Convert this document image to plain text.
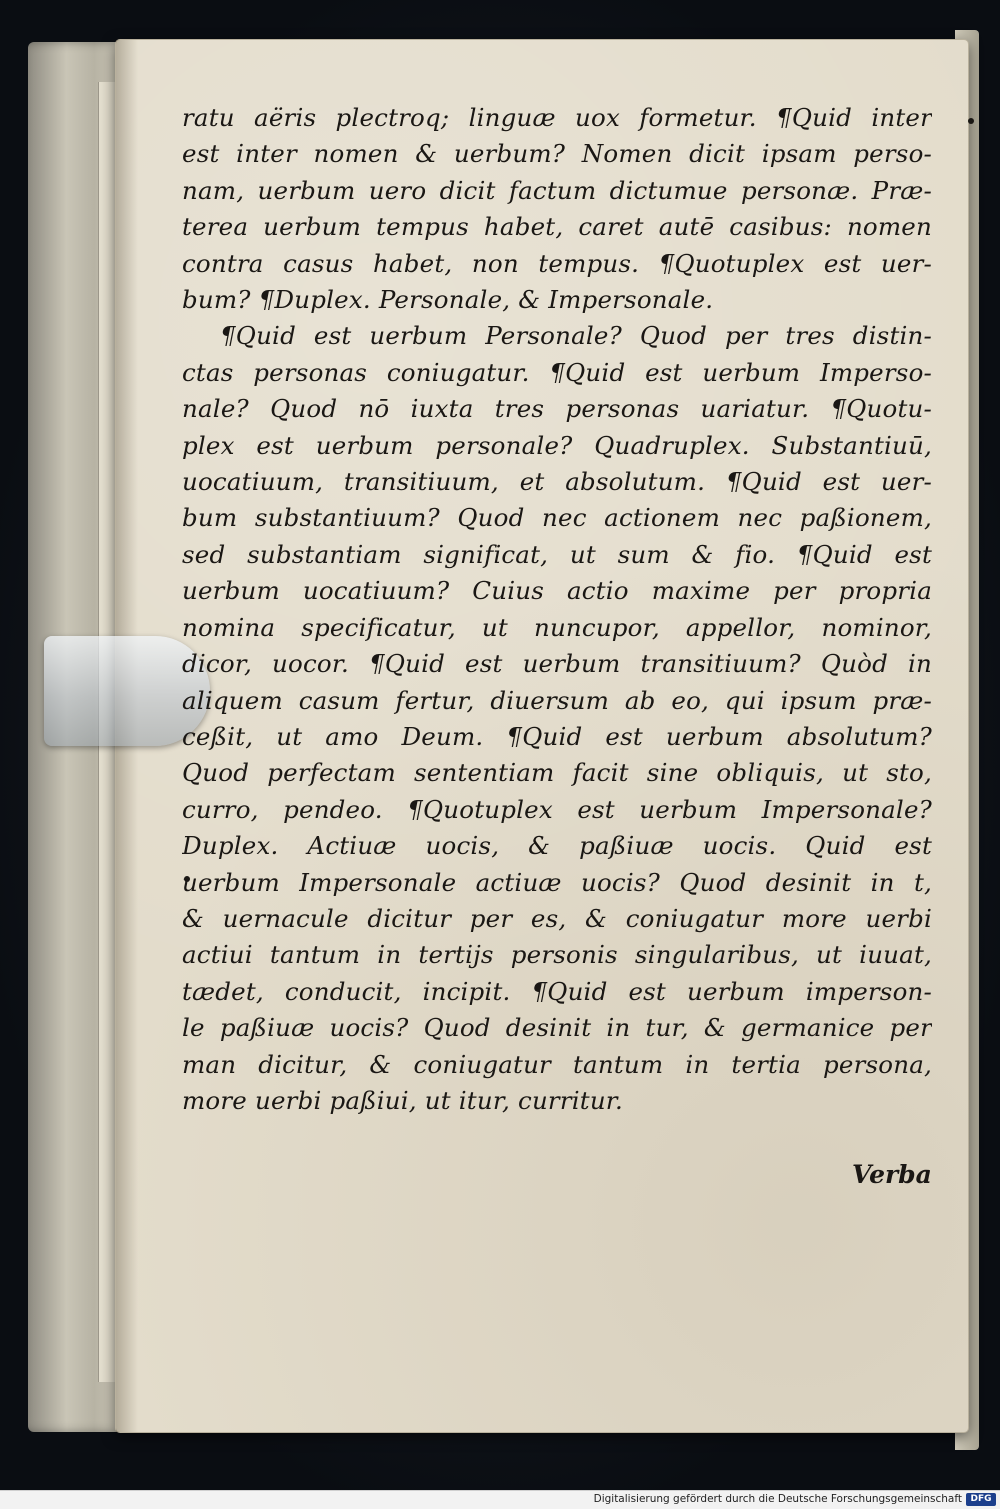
ratu aëris plectroq; linguæ uox formetur. ¶Quid inter
est inter nomen & uerbum? Nomen dicit ipsam perso-
nam, uerbum uero dicit factum dictumue personæ. Præ-
terea uerbum tempus habet, caret autē casibus: nomen
contra casus habet, non tempus. ¶Quotuplex est uer-
bum? ¶Duplex. Personale, & Impersonale.
¶Quid est uerbum Personale? Quod per tres distin-
ctas personas coniugatur. ¶Quid est uerbum Imperso-
nale? Quod nō iuxta tres personas uariatur. ¶Quotu-
plex est uerbum personale? Quadruplex. Substantiuū,
uocatiuum, transitiuum, et absolutum. ¶Quid est uer-
bum substantiuum? Quod nec actionem nec paßionem,
sed substantiam significat, ut sum & fio. ¶Quid est
uerbum uocatiuum? Cuius actio maxime per propria
nomina specificatur, ut nuncupor, appellor, nominor,
dicor, uocor. ¶Quid est uerbum transitiuum? Quòd in
aliquem casum fertur, diuersum ab eo, qui ipsum præ-
ceßit, ut amo Deum. ¶Quid est uerbum absolutum?
Quod perfectam sententiam facit sine obliquis, ut sto,
curro, pendeo. ¶Quotuplex est uerbum Impersonale?
Duplex. Actiuæ uocis, & paßiuæ uocis. Quid est
uerbum Impersonale actiuæ uocis? Quod desinit in t,
& uernacule dicitur per es, & coniugatur more uerbi
actiui tantum in tertijs personis singularibus, ut iuuat,
tædet, conducit, incipit. ¶Quid est uerbum imperson-
le paßiuæ uocis? Quod desinit in tur, & germanice per
man dicitur, & coniugatur tantum in tertia persona,
more uerbi paßiui, ut itur, curritur.
Verba
Digitalisierung gefördert durch die Deutsche Forschungsgemeinschaft DFG
